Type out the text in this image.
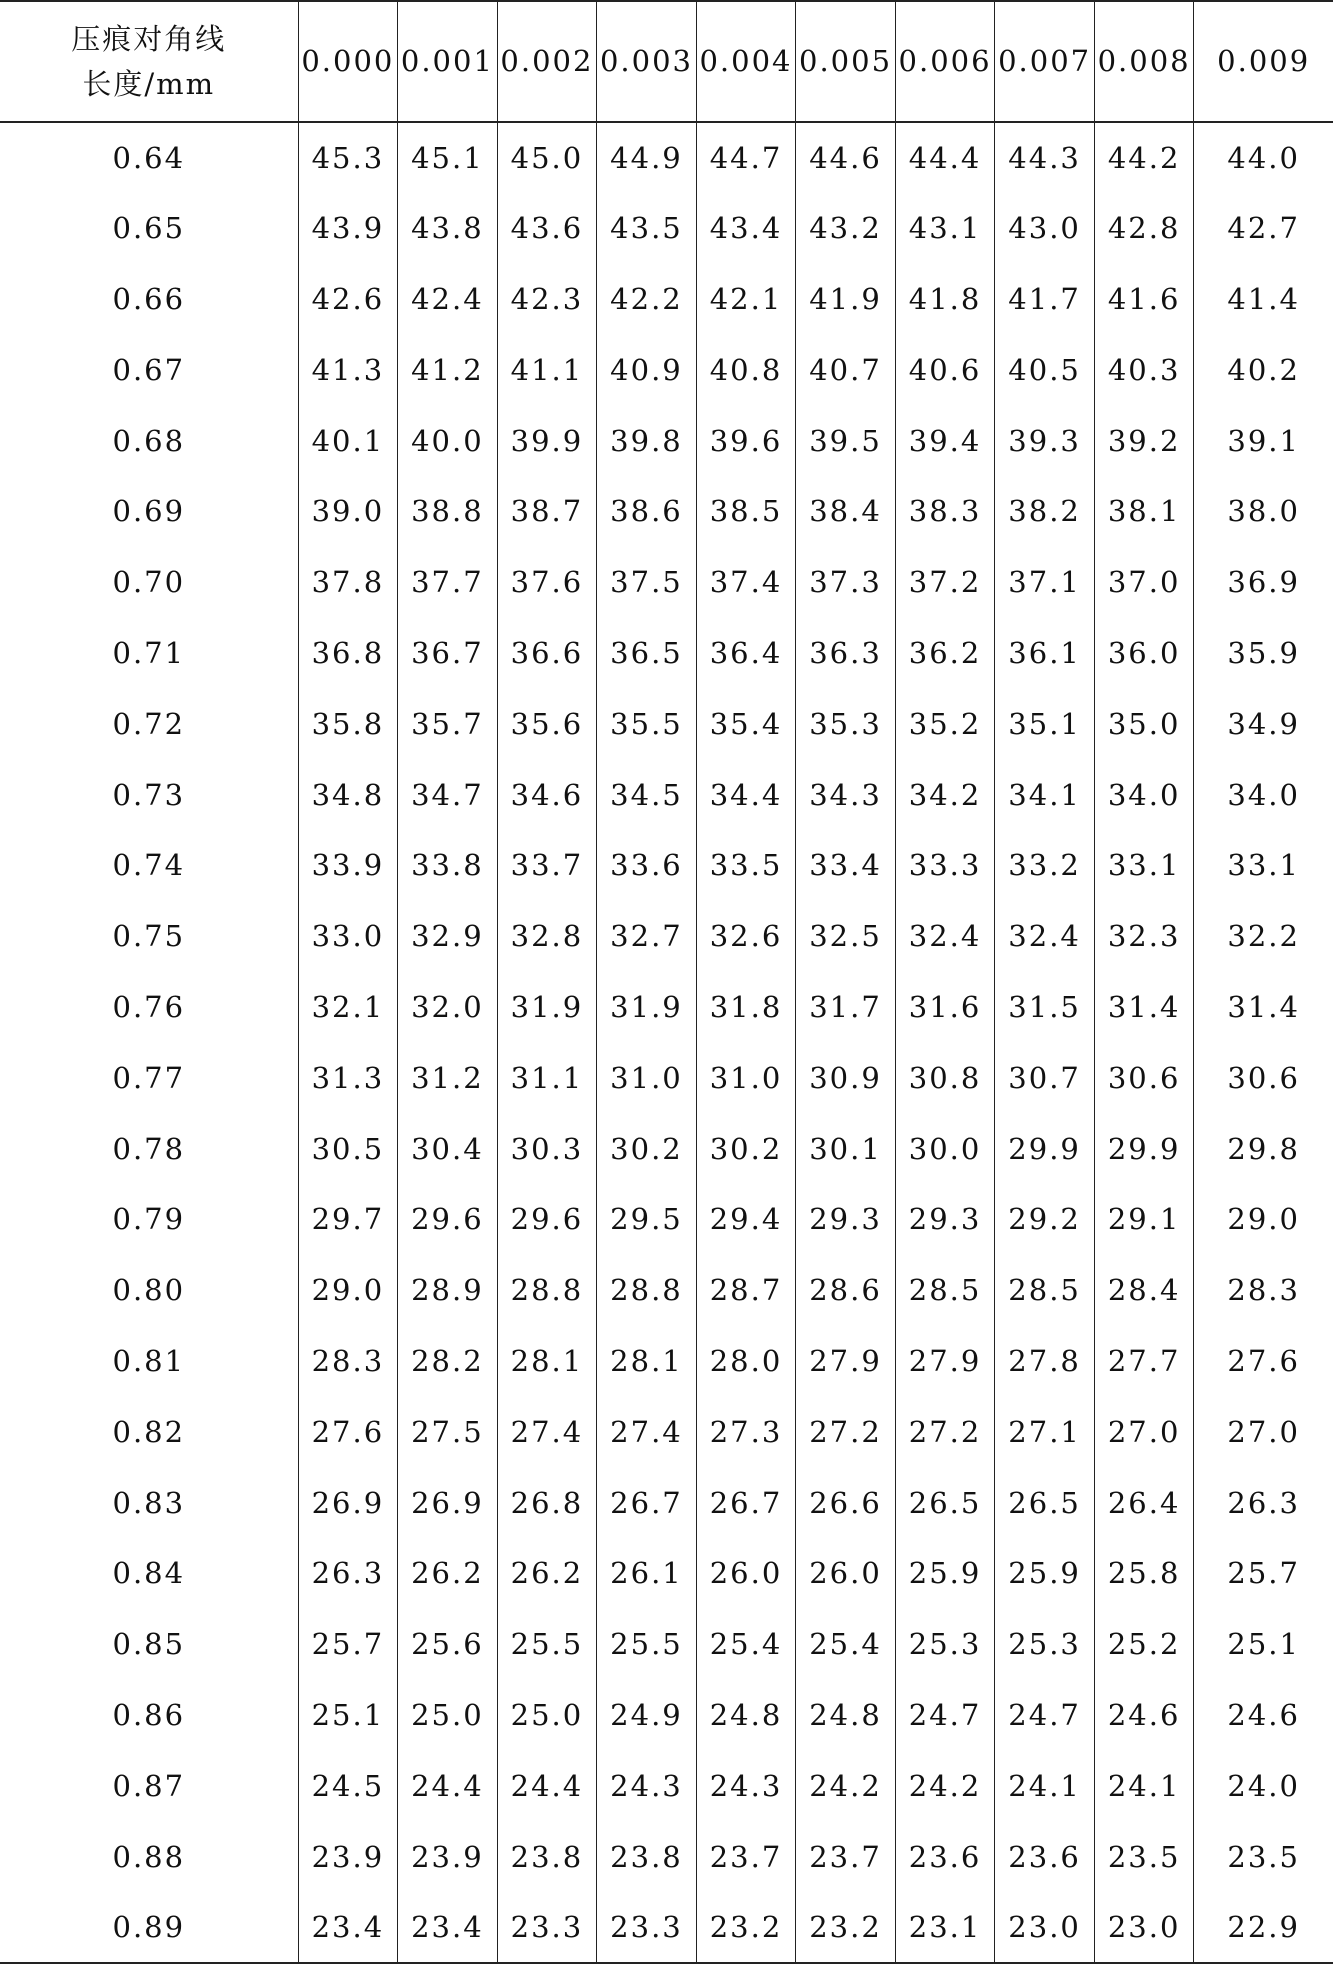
压痕对角线
长度/mm	0.000	0.001	0.002	0.003	0.004	0.005	0.006	0.007	0.008	0.009
0.64	45.3	45.1	45.0	44.9	44.7	44.6	44.4	44.3	44.2	44.0
0.65	43.9	43.8	43.6	43.5	43.4	43.2	43.1	43.0	42.8	42.7
0.66	42.6	42.4	42.3	42.2	42.1	41.9	41.8	41.7	41.6	41.4
0.67	41.3	41.2	41.1	40.9	40.8	40.7	40.6	40.5	40.3	40.2
0.68	40.1	40.0	39.9	39.8	39.6	39.5	39.4	39.3	39.2	39.1
0.69	39.0	38.8	38.7	38.6	38.5	38.4	38.3	38.2	38.1	38.0
0.70	37.8	37.7	37.6	37.5	37.4	37.3	37.2	37.1	37.0	36.9
0.71	36.8	36.7	36.6	36.5	36.4	36.3	36.2	36.1	36.0	35.9
0.72	35.8	35.7	35.6	35.5	35.4	35.3	35.2	35.1	35.0	34.9
0.73	34.8	34.7	34.6	34.5	34.4	34.3	34.2	34.1	34.0	34.0
0.74	33.9	33.8	33.7	33.6	33.5	33.4	33.3	33.2	33.1	33.1
0.75	33.0	32.9	32.8	32.7	32.6	32.5	32.4	32.4	32.3	32.2
0.76	32.1	32.0	31.9	31.9	31.8	31.7	31.6	31.5	31.4	31.4
0.77	31.3	31.2	31.1	31.0	31.0	30.9	30.8	30.7	30.6	30.6
0.78	30.5	30.4	30.3	30.2	30.2	30.1	30.0	29.9	29.9	29.8
0.79	29.7	29.6	29.6	29.5	29.4	29.3	29.3	29.2	29.1	29.0
0.80	29.0	28.9	28.8	28.8	28.7	28.6	28.5	28.5	28.4	28.3
0.81	28.3	28.2	28.1	28.1	28.0	27.9	27.9	27.8	27.7	27.6
0.82	27.6	27.5	27.4	27.4	27.3	27.2	27.2	27.1	27.0	27.0
0.83	26.9	26.9	26.8	26.7	26.7	26.6	26.5	26.5	26.4	26.3
0.84	26.3	26.2	26.2	26.1	26.0	26.0	25.9	25.9	25.8	25.7
0.85	25.7	25.6	25.5	25.5	25.4	25.4	25.3	25.3	25.2	25.1
0.86	25.1	25.0	25.0	24.9	24.8	24.8	24.7	24.7	24.6	24.6
0.87	24.5	24.4	24.4	24.3	24.3	24.2	24.2	24.1	24.1	24.0
0.88	23.9	23.9	23.8	23.8	23.7	23.7	23.6	23.6	23.5	23.5
0.89	23.4	23.4	23.3	23.3	23.2	23.2	23.1	23.0	23.0	22.9
